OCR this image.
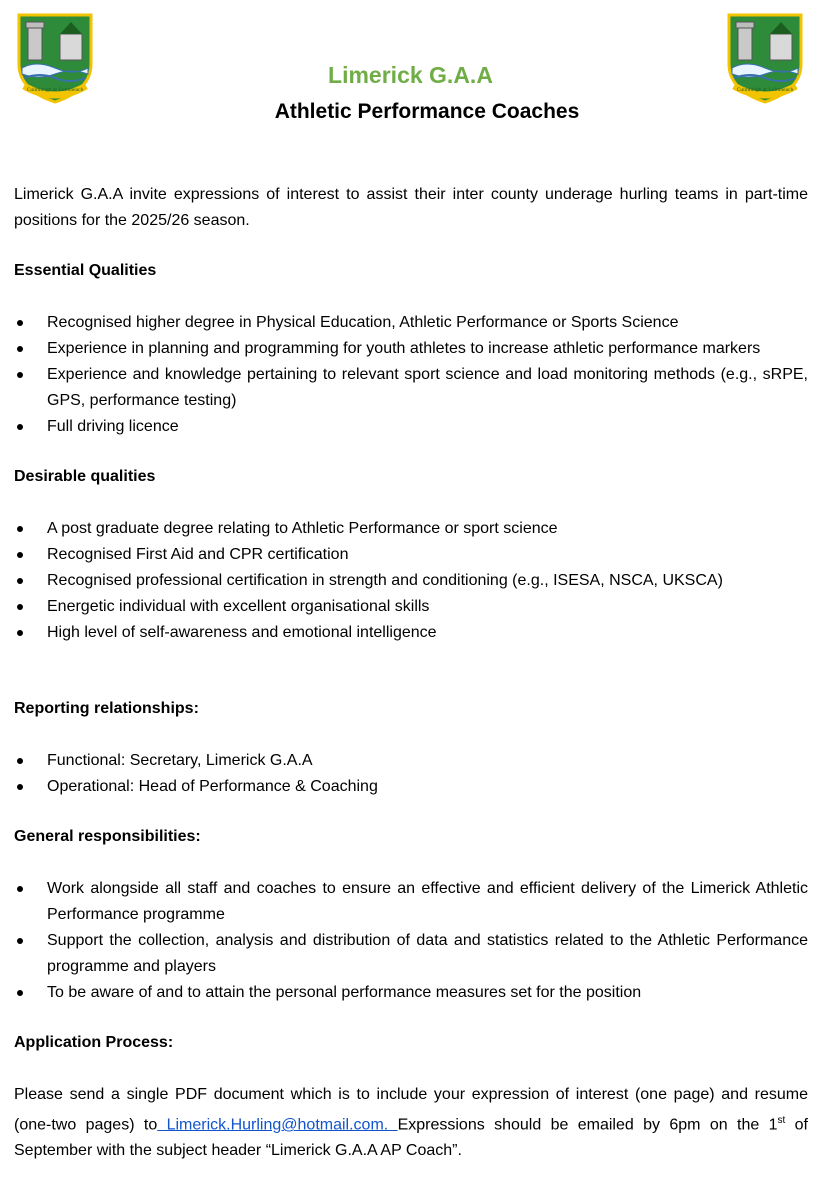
Cuimhnigh ar Luimneach	Cuimhnigh ar Luimneach
Limerick G.A.A
Athletic Performance Coaches

Limerick G.A.A invite expressions of interest to assist their inter county underage hurling teams in part-time positions for the 2025/26 season.

Essential Qualities

Recognised higher degree in Physical Education, Athletic Performance or Sports Science
Experience in planning and programming for youth athletes to increase athletic performance markers
Experience and knowledge pertaining to relevant sport science and load monitoring methods (e.g., sRPE, GPS, performance testing)
Full driving licence

Desirable qualities

A post graduate degree relating to Athletic Performance or sport science
Recognised First Aid and CPR certification
Recognised professional certification in strength and conditioning (e.g., ISESA, NSCA, UKSCA)
Energetic individual with excellent organisational skills
High level of self-awareness and emotional intelligence

Reporting relationships:

Functional: Secretary, Limerick G.A.A
Operational: Head of Performance & Coaching

General responsibilities:

Work alongside all staff and coaches to ensure an effective and efficient delivery of the Limerick Athletic Performance programme
Support the collection, analysis and distribution of data and statistics related to the Athletic Performance programme and players
To be aware of and to attain the personal performance measures set for the position

Application Process:

Please send a single PDF document which is to include your expression of interest (one page) and resume (one-two pages) to Limerick.Hurling@hotmail.com. Expressions should be emailed by 6pm on the 1st of September with the subject header “Limerick G.A.A AP Coach”.
